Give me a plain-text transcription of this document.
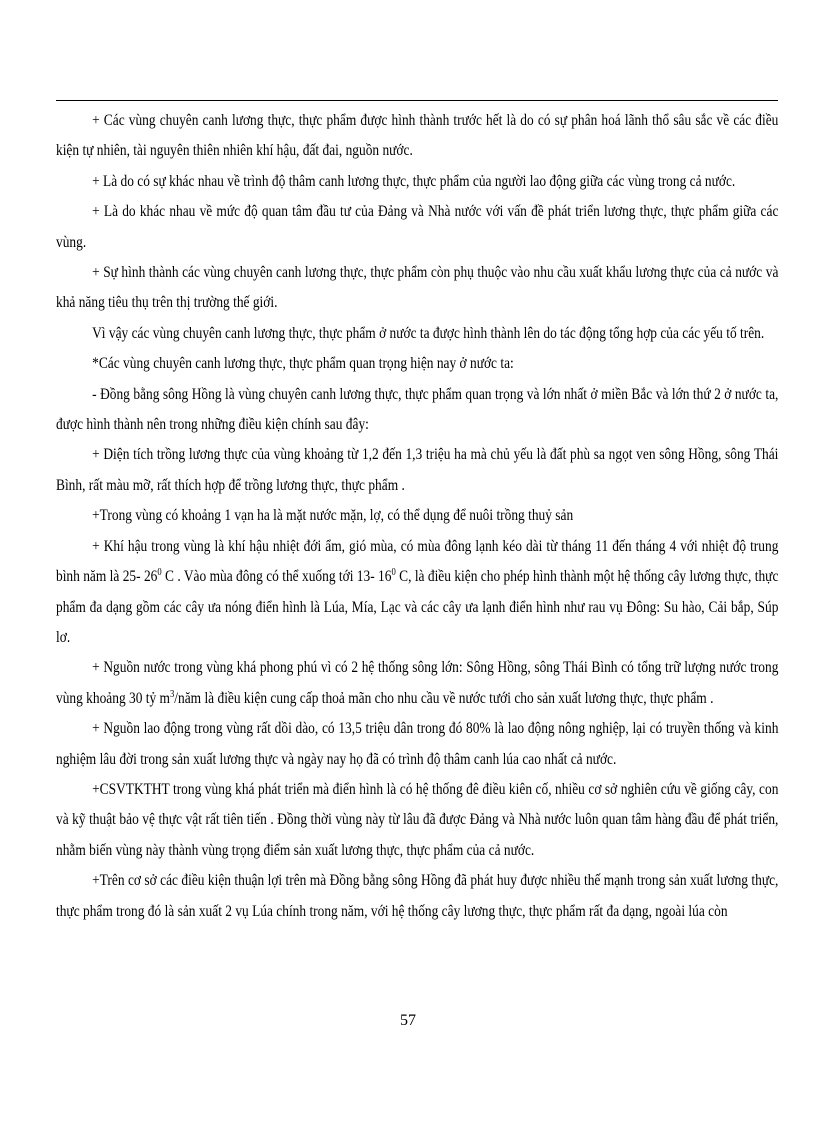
+ Các vùng chuyên canh lương thực, thực phẩm được hình thành trước hết là do có sự phân hoá lãnh thổ sâu sắc về các điều kiện tự nhiên, tài nguyên thiên nhiên khí hậu, đất đai, nguồn nước.

+ Là do có sự khác nhau về trình độ thâm canh lương thực, thực phẩm của người lao động giữa các vùng trong cả nước.

+ Là do khác nhau về mức độ quan tâm đầu tư của Đảng và Nhà nước với vấn đề phát triển lương thực, thực phẩm giữa các vùng.

+ Sự hình thành các vùng chuyên canh lương thực, thực phẩm còn phụ thuộc vào nhu cầu xuất khẩu lương thực của cả nước và khả năng tiêu thụ trên thị trường thế giới.

Vì vậy các vùng chuyên canh lương thực, thực phẩm ở nước ta được hình thành lên do tác động tổng hợp của các yếu tố trên.

*Các vùng chuyên canh lương thực, thực phẩm quan trọng hiện nay ở nước ta:

- Đồng bằng sông Hồng là vùng chuyên canh lương thực, thực phẩm quan trọng và lớn nhất ở miền Bắc và lớn thứ 2 ở nước ta, được hình thành nên trong những điều kiện chính sau đây:

+ Diện tích trồng lương thực của vùng khoảng từ 1,2 đến 1,3 triệu ha mà chủ yếu là đất phù sa ngọt ven sông Hồng, sông Thái Bình, rất màu mỡ, rất thích hợp để trồng lương thực, thực phẩm .

+Trong vùng có khoảng 1 vạn ha là mặt nước mặn, lợ, có thể dụng để nuôi trồng thuỷ sản

+ Khí hậu trong vùng là khí hậu nhiệt đới ẩm, gió mùa, có mùa đông lạnh kéo dài từ tháng 11 đến tháng 4 với nhiệt độ trung bình năm là 25- $26^0$ C . Vào mùa đông có thể xuống tới 13- $16^0$ C, là điều kiện cho phép hình thành một hệ thống cây lương thực, thực phẩm đa dạng gồm các cây ưa nóng điển hình là Lúa, Mía, Lạc và các cây ưa lạnh điển hình như rau vụ Đông: Su hào, Cải bắp, Súp lơ.

+ Nguồn nước trong vùng khá phong phú vì có 2 hệ thống sông lớn: Sông Hồng, sông Thái Bình có tổng trữ lượng nước trong vùng khoảng 30 tỷ $m^3$/năm là điều kiện cung cấp thoả mãn cho nhu cầu về nước tưới cho sản xuất lương thực, thực phẩm .

+ Nguồn lao động trong vùng rất dồi dào, có 13,5 triệu dân trong đó 80% là lao động nông nghiệp, lại có truyền thống và kinh nghiệm lâu đời trong sản xuất lương thực và ngày nay họ đã có trình độ thâm canh lúa cao nhất cả nước.

+CSVTKTHT trong vùng khá phát triển mà điển hình là có hệ thống đê điều kiên cố, nhiều cơ sở nghiên cứu về giống cây, con và kỹ thuật bảo vệ thực vật rất tiên tiến . Đồng thời vùng này từ lâu đã được Đảng và Nhà nước luôn quan tâm hàng đầu để phát triển, nhằm biến vùng này thành vùng trọng điểm sản xuất lương thực, thực phẩm của cả nước.

+Trên cơ sở các điều kiện thuận lợi trên mà Đồng bằng sông Hồng đã phát huy được nhiều thế mạnh trong sản xuất lương thực, thực phẩm trong đó là sản xuất 2 vụ Lúa chính trong năm, với hệ thống cây lương thực, thực phẩm rất đa dạng, ngoài lúa còn

57
